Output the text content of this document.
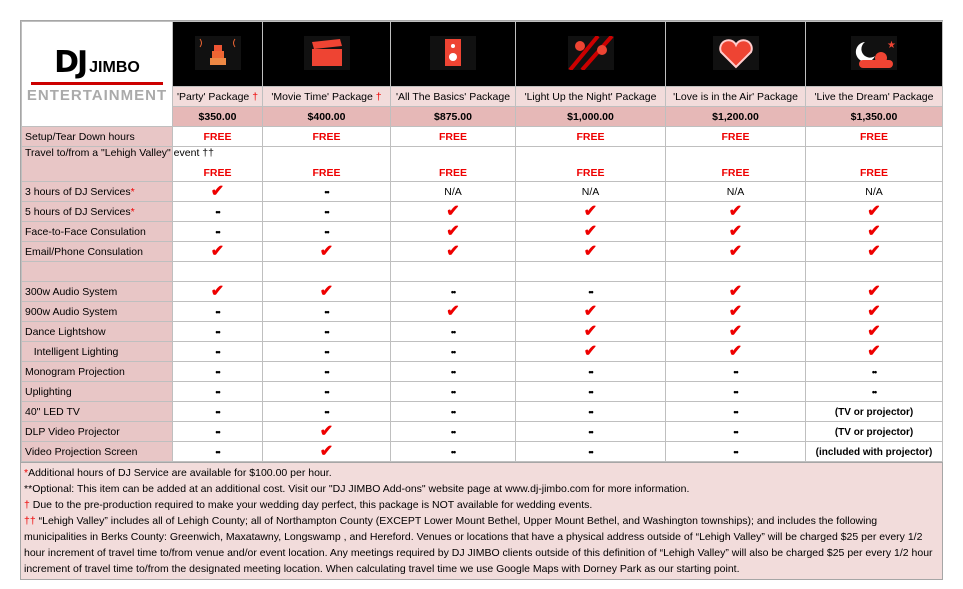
DJ JIMBO
ENTERTAINMENT						★

	'Party' Package †	'Movie Time' Package †	'All The Basics' Package	'Light Up the Night' Package	'Love is in the Air' Package	'Live the Dream' Package
	$350.00	$400.00	$875.00	$1,000.00	$1,200.00	$1,350.00
Setup/Tear Down hours	FREE	FREE	FREE	FREE	FREE	FREE
Travel to/from a "Lehigh Valley" event ††	FREE	FREE	FREE	FREE	FREE	FREE
3 hours of DJ Services*	✔	••	N/A	N/A	N/A	N/A
5 hours of DJ Services*	••	••	✔	✔	✔	✔
Face-to-Face Consulation	••	••	✔	✔	✔	✔
Email/Phone Consulation	✔	✔	✔	✔	✔	✔

300w Audio System	✔	✔	••	••	✔	✔
900w Audio System	••	••	✔	✔	✔	✔
Dance Lightshow	••	••	••	✔	✔	✔
Intelligent Lighting	••	••	••	✔	✔	✔
Monogram Projection	••	••	••	••	••	••
Uplighting	••	••	••	••	••	••
40" LED TV	••	••	••	••	••	(TV or projector)
DLP Video Projector	••	✔	••	••	••	(TV or projector)
Video Projection Screen	••	✔	••	••	••	(included with projector)
*Additional hours of DJ Service are available for $100.00 per hour.
**Optional: This item can be added at an additional cost. Visit our "DJ JIMBO Add-ons" website page at www.dj-jimbo.com for more information.
† Due to the pre-production required to make your wedding day perfect, this package is NOT available for wedding events.
†† “Lehigh Valley” includes all of Lehigh County; all of Northampton County (EXCEPT Lower Mount Bethel, Upper Mount Bethel, and Washington townships); and includes the following municipalities in Berks County: Greenwich, Maxatawny, Longswamp , and Hereford. Venues or locations that have a physical address outside of “Lehigh Valley” will be charged $25 per every 1/2 hour increment of travel time to/from venue and/or event location. Any meetings required by DJ JIMBO clients outside of this definition of “Lehigh Valley” will also be charged $25 per every 1/2 hour increment of travel time to/from the designated meeting location. When calculating travel time we use Google Maps with Dorney Park as our starting point.
